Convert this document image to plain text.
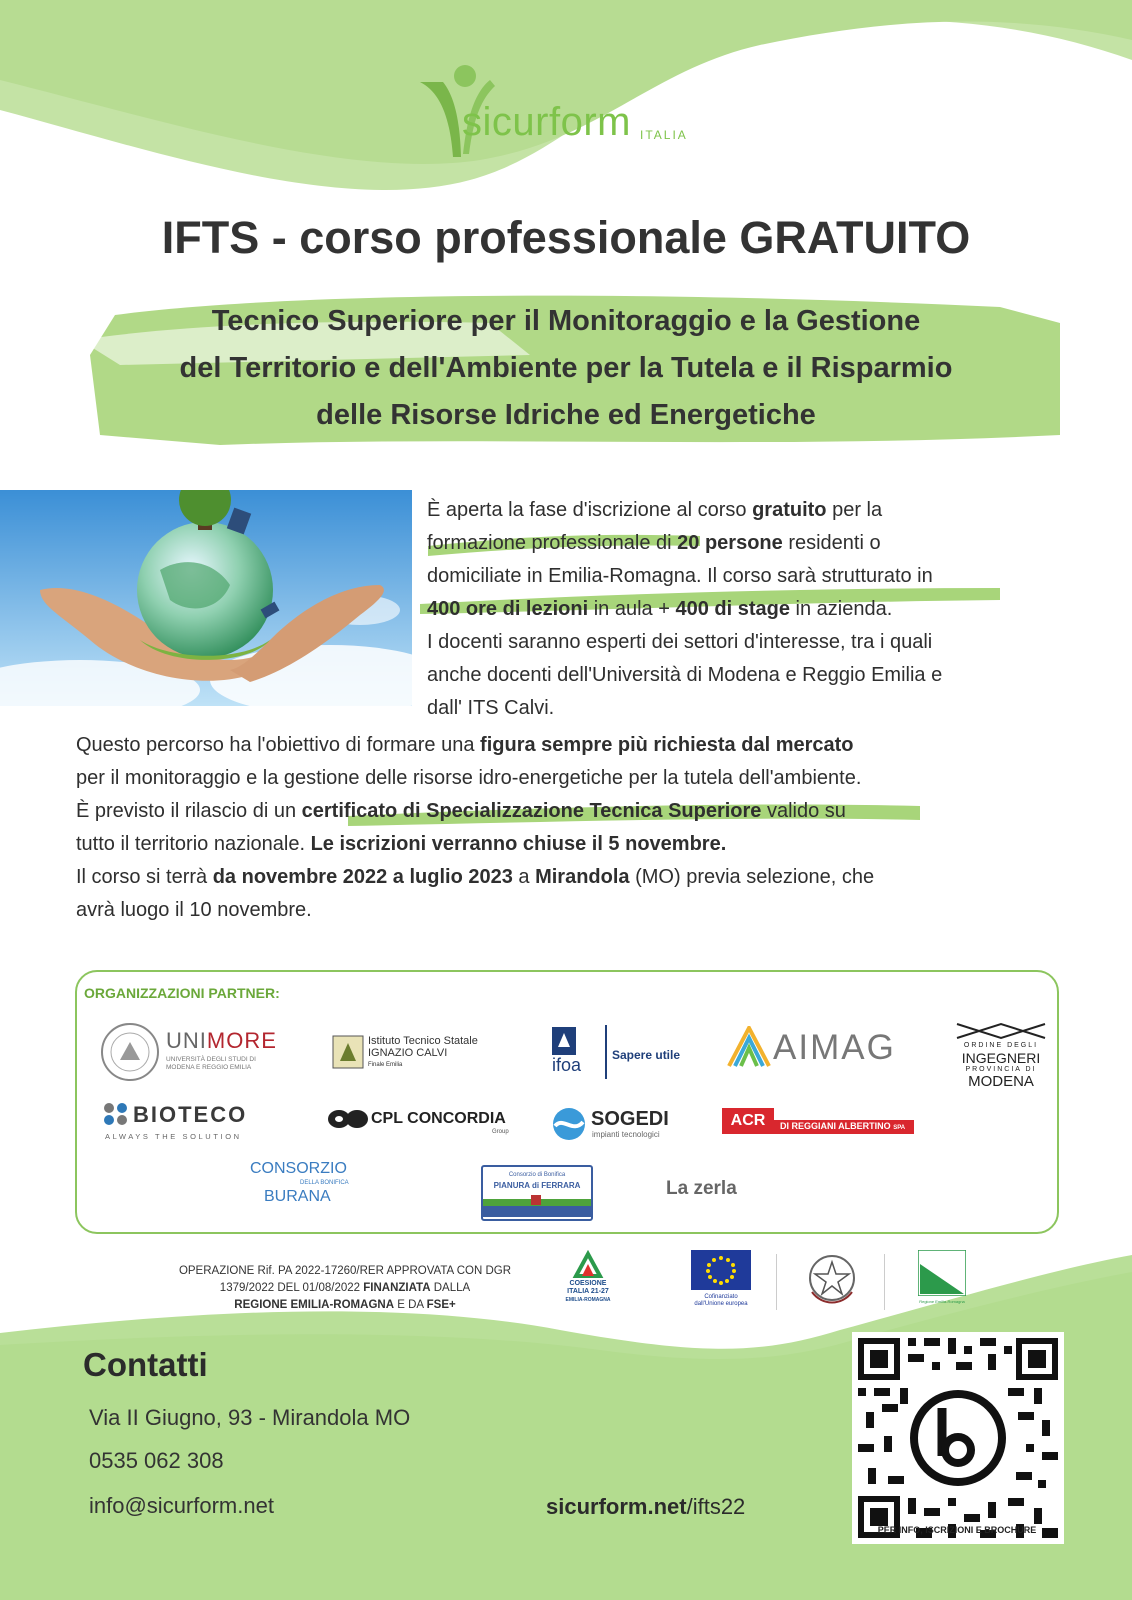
sicurform ITALIA
IFTS - corso professionale GRATUITO
Tecnico Superiore per il Monitoraggio e la Gestione
del Territorio e dell'Ambiente per la Tutela e il Risparmio
delle Risorse Idriche ed Energetiche
È aperta la fase d'iscrizione al corso gratuito per la
formazione professionale di 20 persone residenti o
domiciliate in Emilia-Romagna. Il corso sarà strutturato in
400 ore di lezioni in aula + 400 di stage in azienda.
I docenti saranno esperti dei settori d'interesse, tra i quali
anche docenti dell'Università di Modena e Reggio Emilia e
dall' ITS Calvi.
Questo percorso ha l'obiettivo di formare una figura sempre più richiesta dal mercato
per il monitoraggio e la gestione delle risorse idro-energetiche per la tutela dell'ambiente.
È previsto il rilascio di un certificato di Specializzazione Tecnica Superiore valido su
tutto il territorio nazionale. Le iscrizioni verranno chiuse il 5 novembre.
Il corso si terrà da novembre 2022 a luglio 2023 a Mirandola (MO) previa selezione, che
avrà luogo il 10 novembre.
ORGANIZZAZIONI PARTNER:
UNIMORE
UNIVERSITÀ DEGLI STUDI DI
MODENA E REGGIO EMILIA
Istituto Tecnico Statale
IGNAZIO CALVI
Finale Emilia	ifoa	Sapere utile	AIMAG	ORDINE DEGLI
INGEGNERI
PROVINCIA DI
MODENA
BIOTECO
ALWAYS THE SOLUTION
CPL CONCORDIA
Group
SOGEDI
impianti tecnologici
ACR	DI REGGIANI ALBERTINO SPA
CONSORZIO
DELLA BONIFICA
BURANA
Consorzio di Bonifica
PIANURA di FERRARA	La zerla
OPERAZIONE Rif. PA 2022-17260/RER APPROVATA CON DGR
1379/2022 DEL 01/08/2022 FINANZIATA DALLA
REGIONE EMILIA-ROMAGNA E DA FSE+
COESIONE
ITALIA 21-27
EMILIA-ROMAGNA	Cofinanziato
dall'Unione europea	Regione Emilia-Romagna
Contatti
Via II Giugno, 93 - Mirandola MO
0535 062 308
info@sicurform.net	sicurform.net/ifts22
PER INFO, ISCRIZIONI E BROCHURE
